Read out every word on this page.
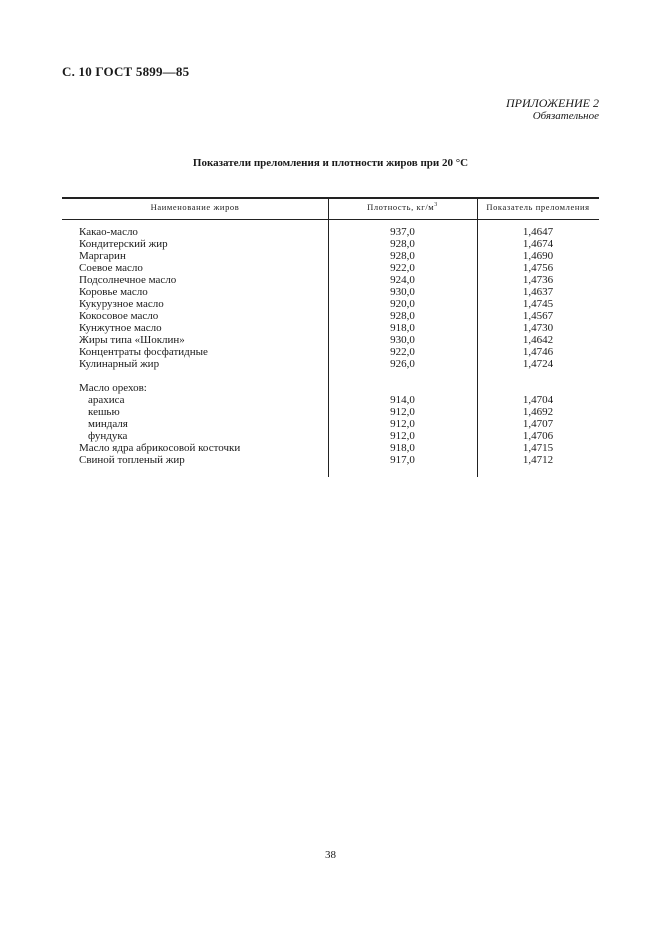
С. 10 ГОСТ 5899—85
ПРИЛОЖЕНИЕ 2
Обязательное
Показатели преломления и плотности жиров при 20 °С
Наименование жиров	Плотность, $кг/м^3$	Показатель преломления
Какао-масло	937,0	1,4647
Кондитерский жир	928,0	1,4674
Маргарин	928,0	1,4690
Соевое масло	922,0	1,4756
Подсолнечное масло	924,0	1,4736
Коровье масло	930,0	1,4637
Кукурузное масло	920,0	1,4745
Кокосовое масло	928,0	1,4567
Кунжутное масло	918,0	1,4730
Жиры типа «Шоклин»	930,0	1,4642
Концентраты фосфатидные	922,0	1,4746
Кулинарный жир	926,0	1,4724
Масло орехов:
арахиса	914,0	1,4704
кешью	912,0	1,4692
миндаля	912,0	1,4707
фундука	912,0	1,4706
Масло ядра абрикосовой косточки	918,0	1,4715
Свиной топленый жир	917,0	1,4712
38
